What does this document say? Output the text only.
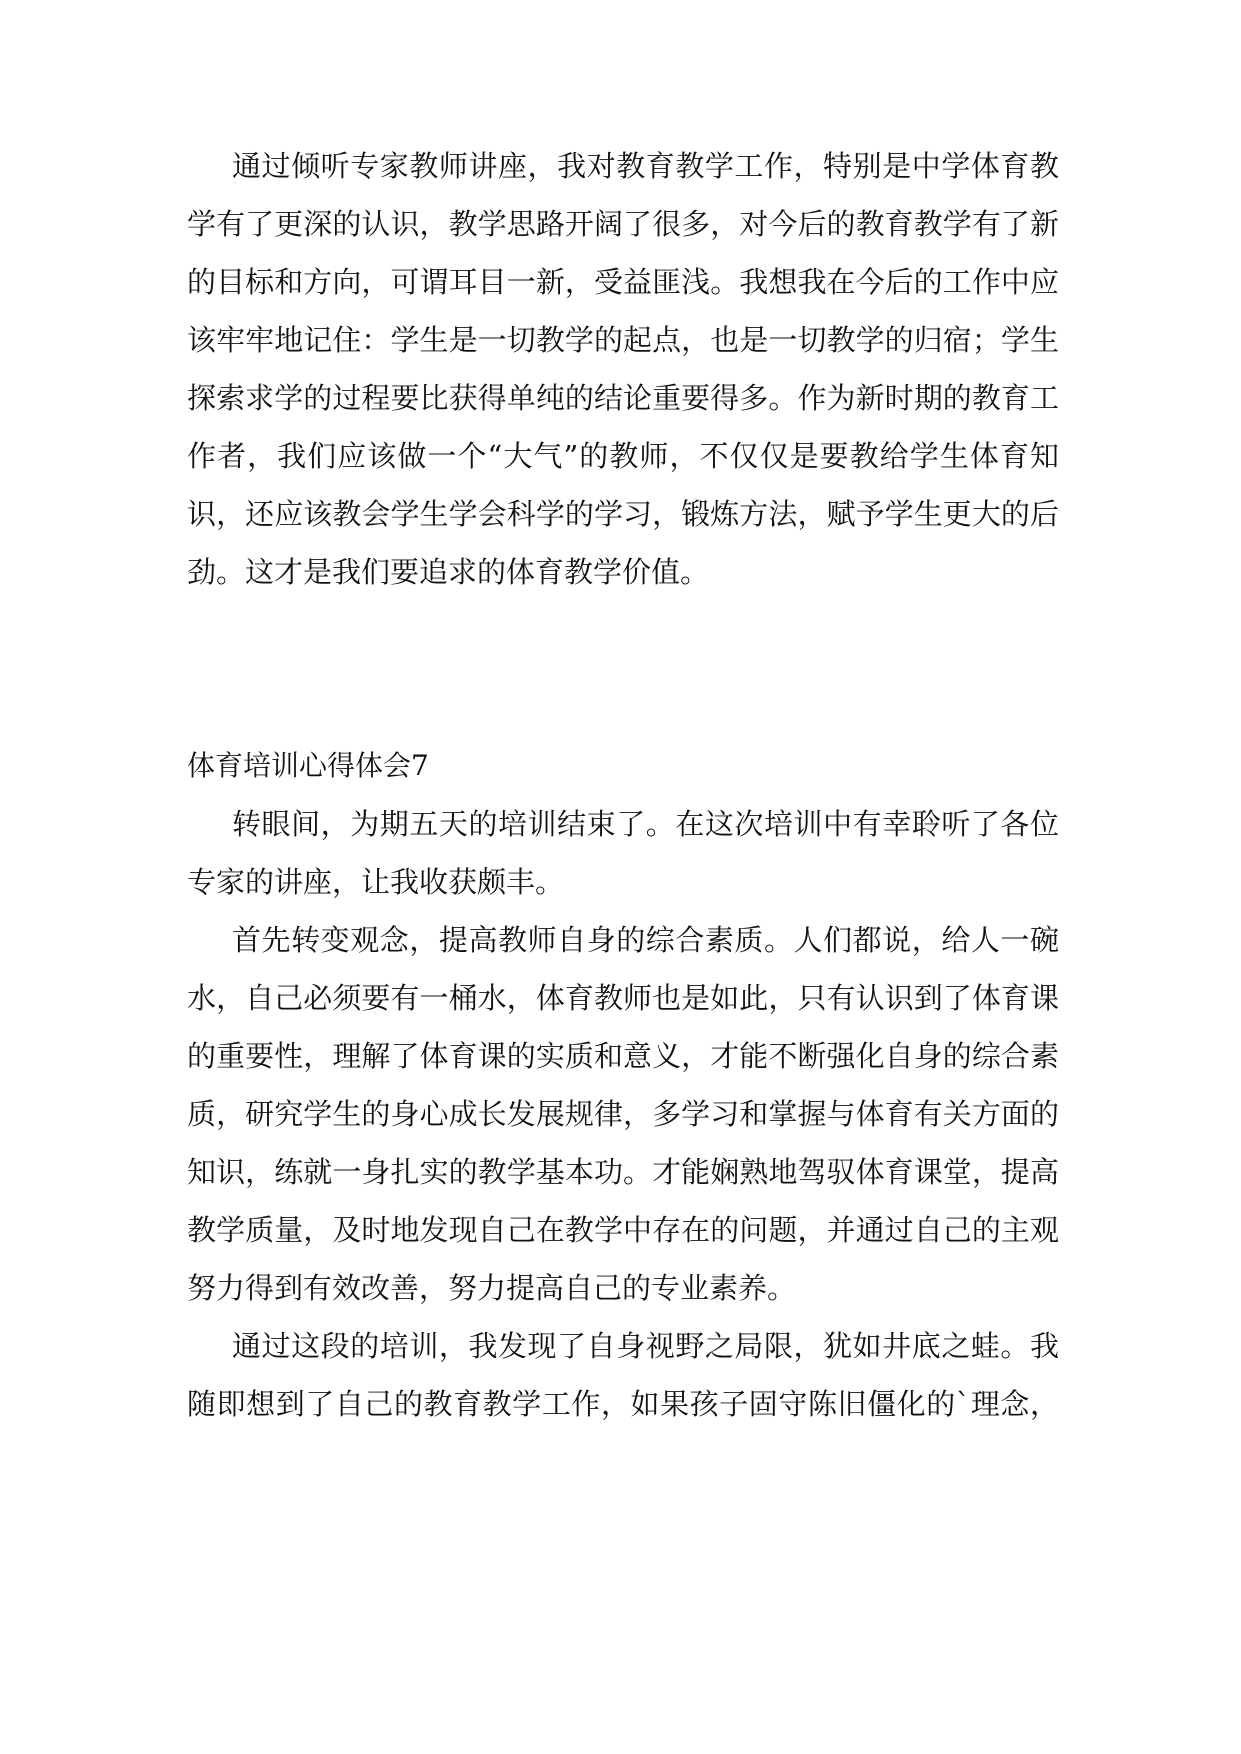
通过倾听专家教师讲座，我对教育教学工作，特别是中学体育教

学有了更深的认识，教学思路开阔了很多，对今后的教育教学有了新

的目标和方向，可谓耳目一新，受益匪浅。我想我在今后的工作中应

该牢牢地记住：学生是一切教学的起点，也是一切教学的归宿；学生

探索求学的过程要比获得单纯的结论重要得多。作为新时期的教育工

作者，我们应该做一个“大气”的教师，不仅仅是要教给学生体育知

识，还应该教会学生学会科学的学习，锻炼方法，赋予学生更大的后

劲。这才是我们要追求的体育教学价值。

体育培训心得体会7

转眼间，为期五天的培训结束了。在这次培训中有幸聆听了各位

专家的讲座，让我收获颇丰。

首先转变观念，提高教师自身的综合素质。人们都说，给人一碗

水，自己必须要有一桶水，体育教师也是如此，只有认识到了体育课

的重要性，理解了体育课的实质和意义，才能不断强化自身的综合素

质，研究学生的身心成长发展规律，多学习和掌握与体育有关方面的

知识，练就一身扎实的教学基本功。才能娴熟地驾驭体育课堂，提高

教学质量，及时地发现自己在教学中存在的问题，并通过自己的主观

努力得到有效改善，努力提高自己的专业素养。

通过这段的培训，我发现了自身视野之局限，犹如井底之蛙。我

随即想到了自己的教育教学工作，如果孩子固守陈旧僵化的`理念，
